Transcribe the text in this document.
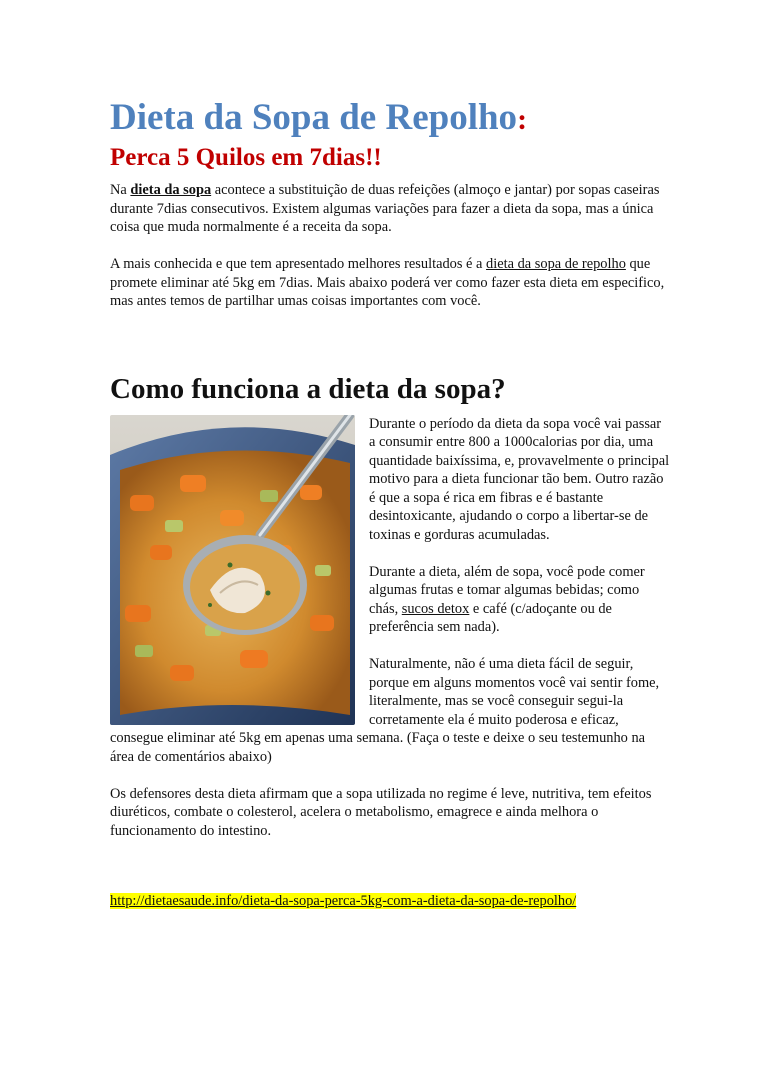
Dieta da Sopa de Repolho:
Perca 5 Quilos em 7dias!!

Na dieta da sopa acontece a substituição de duas refeições (almoço e jantar) por sopas caseiras durante 7dias consecutivos. Existem algumas variações para fazer a dieta da sopa, mas a única coisa que muda normalmente é a receita da sopa.

A mais conhecida e que tem apresentado melhores resultados é a dieta da sopa de repolho que promete eliminar até 5kg em 7dias. Mais abaixo poderá ver como fazer esta dieta em especifico, mas antes temos de partilhar umas coisas importantes com você.

Como funciona a dieta da sopa?

Durante o período da dieta da sopa você vai passar a consumir entre 800 a 1000calorias por dia, uma quantidade baixíssima, e, provavelmente o principal motivo para a dieta funcionar tão bem. Outro razão é que a sopa é rica em fibras e é bastante desintoxicante, ajudando o corpo a libertar-se de toxinas e gorduras acumuladas.

Durante a dieta, além de sopa, você pode comer algumas frutas e tomar algumas bebidas; como chás, sucos detox e café (c/adoçante ou de preferência sem nada).

Naturalmente, não é uma dieta fácil de seguir, porque em alguns momentos você vai sentir fome, literalmente, mas se você conseguir segui-la corretamente ela é muito poderosa e eficaz, consegue eliminar até 5kg em apenas uma semana. (Faça o teste e deixe o seu testemunho na área de comentários abaixo)

Os defensores desta dieta afirmam que a sopa utilizada no regime é leve, nutritiva, tem efeitos diuréticos, combate o colesterol, acelera o metabolismo, emagrece e ainda melhora o funcionamento do intestino.

http://dietaesaude.info/dieta-da-sopa-perca-5kg-com-a-dieta-da-sopa-de-repolho/
